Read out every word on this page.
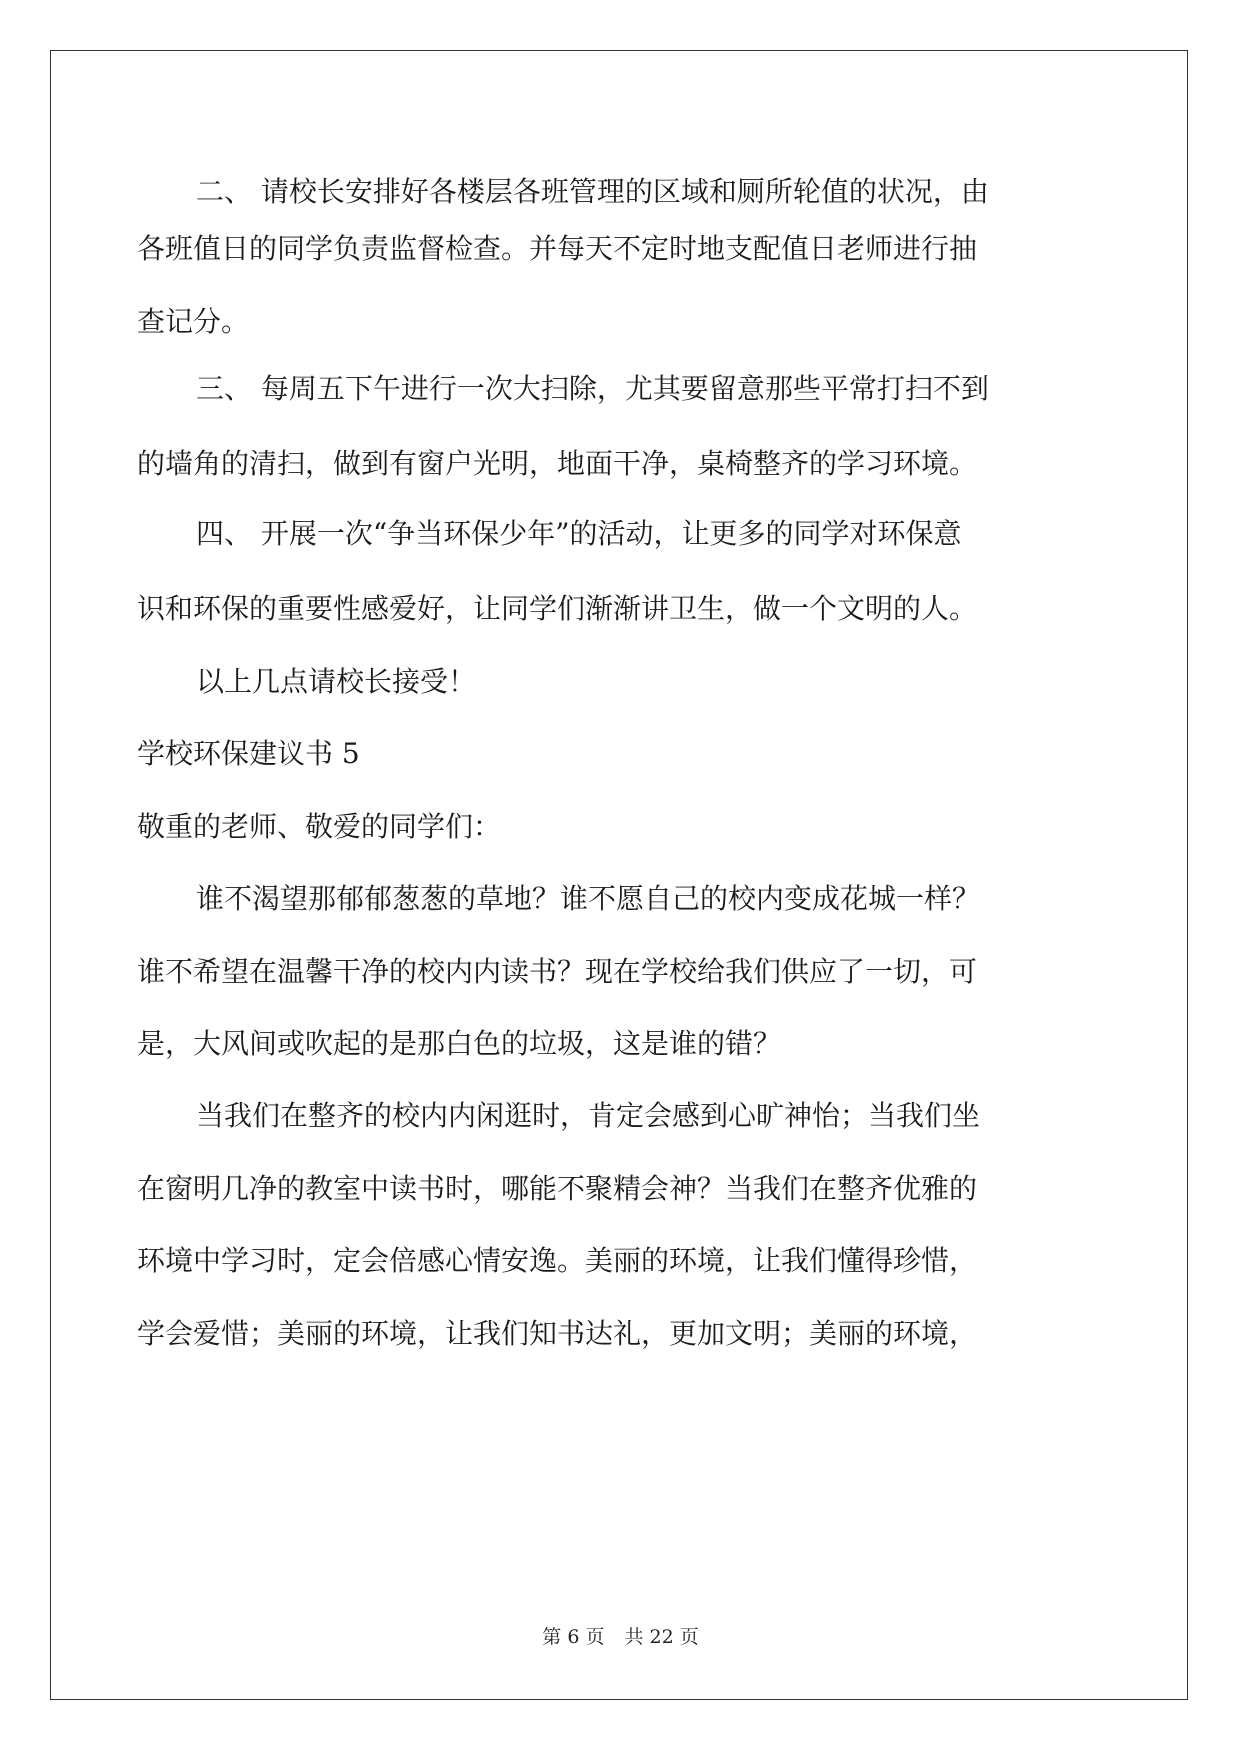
二、 请校长安排好各楼层各班管理的区域和厕所轮值的状况，由
各班值日的同学负责监督检查。并每天不定时地支配值日老师进行抽
查记分。
三、 每周五下午进行一次大扫除，尤其要留意那些平常打扫不到
的墙角的清扫，做到有窗户光明，地面干净，桌椅整齐的学习环境。
四、 开展一次“争当环保少年”的活动，让更多的同学对环保意
识和环保的重要性感爱好，让同学们渐渐讲卫生，做一个文明的人。
以上几点请校长接受！
学校环保建议书 5
敬重的老师、敬爱的同学们：
谁不渴望那郁郁葱葱的草地？谁不愿自己的校内变成花城一样？
谁不希望在温馨干净的校内内读书？现在学校给我们供应了一切，可
是，大风间或吹起的是那白色的垃圾，这是谁的错？
当我们在整齐的校内内闲逛时，肯定会感到心旷神怡；当我们坐
在窗明几净的教室中读书时，哪能不聚精会神？当我们在整齐优雅的
环境中学习时，定会倍感心情安逸。美丽的环境，让我们懂得珍惜，
学会爱惜；美丽的环境，让我们知书达礼，更加文明；美丽的环境，
第 6 页 共 22 页
